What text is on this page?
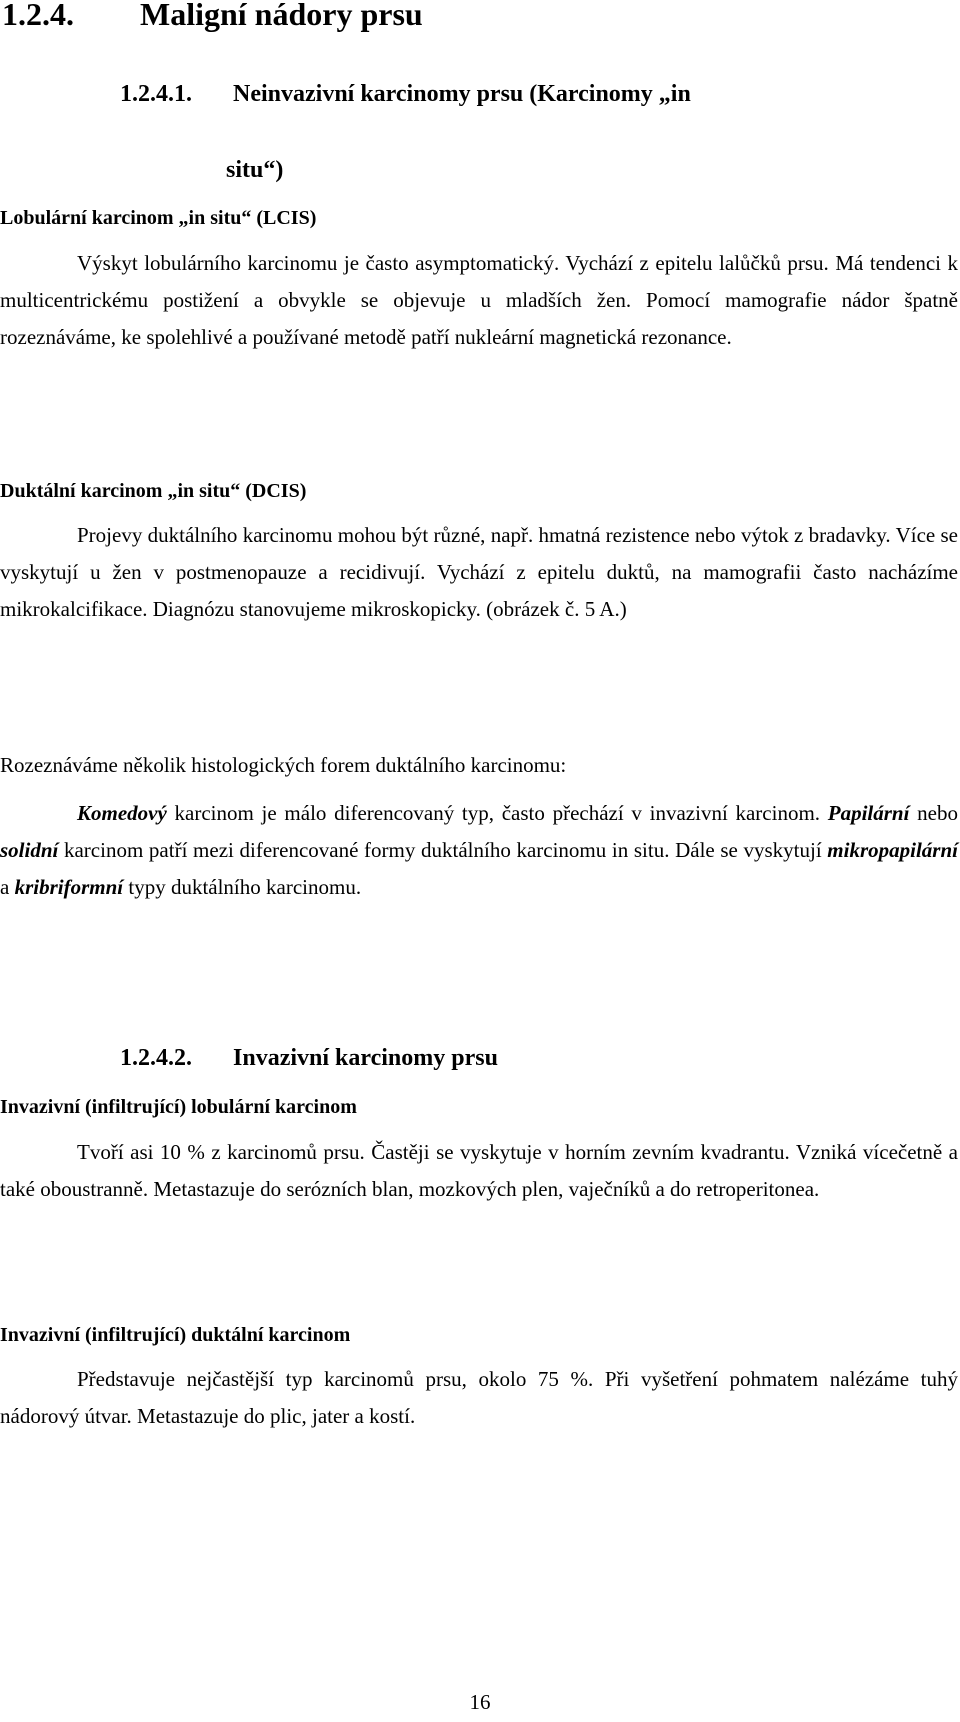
1.2.4. Maligní nádory prsu
1.2.4.1. Neinvazivní karcinomy prsu (Karcinomy „in
situ“)
Lobulární karcinom „in situ“ (LCIS)

Výskyt lobulárního karcinomu je často asymptomatický. Vychází z epitelu lalůčků prsu. Má tendenci k multicentrickému postižení a obvykle se objevuje u mladších žen. Pomocí mamografie nádor špatně rozeznáváme, ke spolehlivé a používané metodě patří nukleární magnetická rezonance.

Duktální karcinom „in situ“ (DCIS)

Projevy duktálního karcinomu mohou být různé, např. hmatná rezistence nebo výtok z bradavky. Více se vyskytují u žen v postmenopauze a recidivují. Vychází z epitelu duktů, na mamografii často nacházíme mikrokalcifikace. Diagnózu stanovujeme mikroskopicky. (obrázek č. 5 A.)

Rozeznáváme několik histologických forem duktálního karcinomu:

Komedový karcinom je málo diferencovaný typ, často přechází v invazivní karcinom. Papilární nebo solidní karcinom patří mezi diferencované formy duktálního karcinomu in situ. Dále se vyskytují mikropapilární a kribriformní typy duktálního karcinomu.

1.2.4.2. Invazivní karcinomy prsu
Invazivní (infiltrující) lobulární karcinom

Tvoří asi 10 % z karcinomů prsu. Častěji se vyskytuje v horním zevním kvadrantu. Vzniká vícečetně a také oboustranně. Metastazuje do serózních blan, mozkových plen, vaječníků a do retroperitonea.

Invazivní (infiltrující) duktální karcinom

Představuje nejčastější typ karcinomů prsu, okolo 75 %. Při vyšetření pohmatem nalézáme tuhý nádorový útvar. Metastazuje do plic, jater a kostí.

16
